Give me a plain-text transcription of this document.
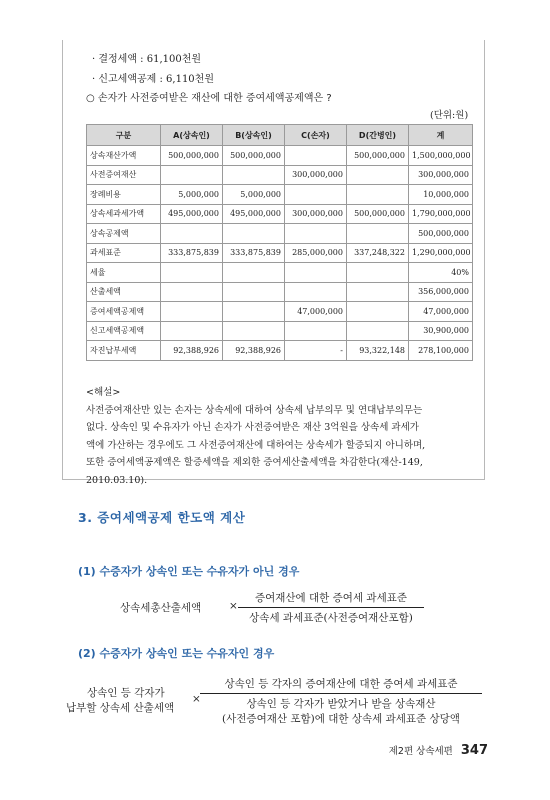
· 결정세액 : 61,100천원
· 신고세액공제 : 6,110천원
○ 손자가 사전증여받은 재산에 대한 증여세액공제액은 ?
(단위:원)
구분	A(상속인)	B(상속인)	C(손자)	D(간병인)	계
상속재산가액	500,000,000	500,000,000		500,000,000	1,500,000,000
사전증여재산			300,000,000		300,000,000
장례비용	5,000,000	5,000,000			10,000,000
상속세과세가액	495,000,000	495,000,000	300,000,000	500,000,000	1,790,000,000
상속공제액					500,000,000
과세표준	333,875,839	333,875,839	285,000,000	337,248,322	1,290,000,000
세율					40%
산출세액					356,000,000
증여세액공제액			47,000,000		47,000,000
신고세액공제액					30,900,000
자진납부세액	92,388,926	92,388,926	-	93,322,148	278,100,000

<해설>

사전증여재산만 있는 손자는 상속세에 대하여 상속세 납부의무 및 연대납부의무는

없다. 상속인 및 수유자가 아닌 손자가 사전증여받은 재산 3억원을 상속세 과세가

액에 가산하는 경우에도 그 사전증여재산에 대하여는 상속세가 할증되지 아니하며,

또한 증여세액공제액은 할증세액을 제외한 증여세산출세액을 차감한다(재산-149,

2010.03.10).

3. 증여세액공제 한도액 계산
(1) 수증자가 상속인 또는 수유자가 아닌 경우
상속세총산출세액	×
증여재산에 대한 증여세 과세표준
상속세 과세표준(사전증여재산포함)
(2) 수증자가 상속인 또는 수유자인 경우
상속인 등 각자가
납부할 상속세 산출세액
×
상속인 등 각자의 증여재산에 대한 증여세 과세표준
상속인 등 각자가 받았거나 받을 상속재산
(사전증여재산 포함)에 대한 상속세 과세표준 상당액
제2편 상속세편 347
